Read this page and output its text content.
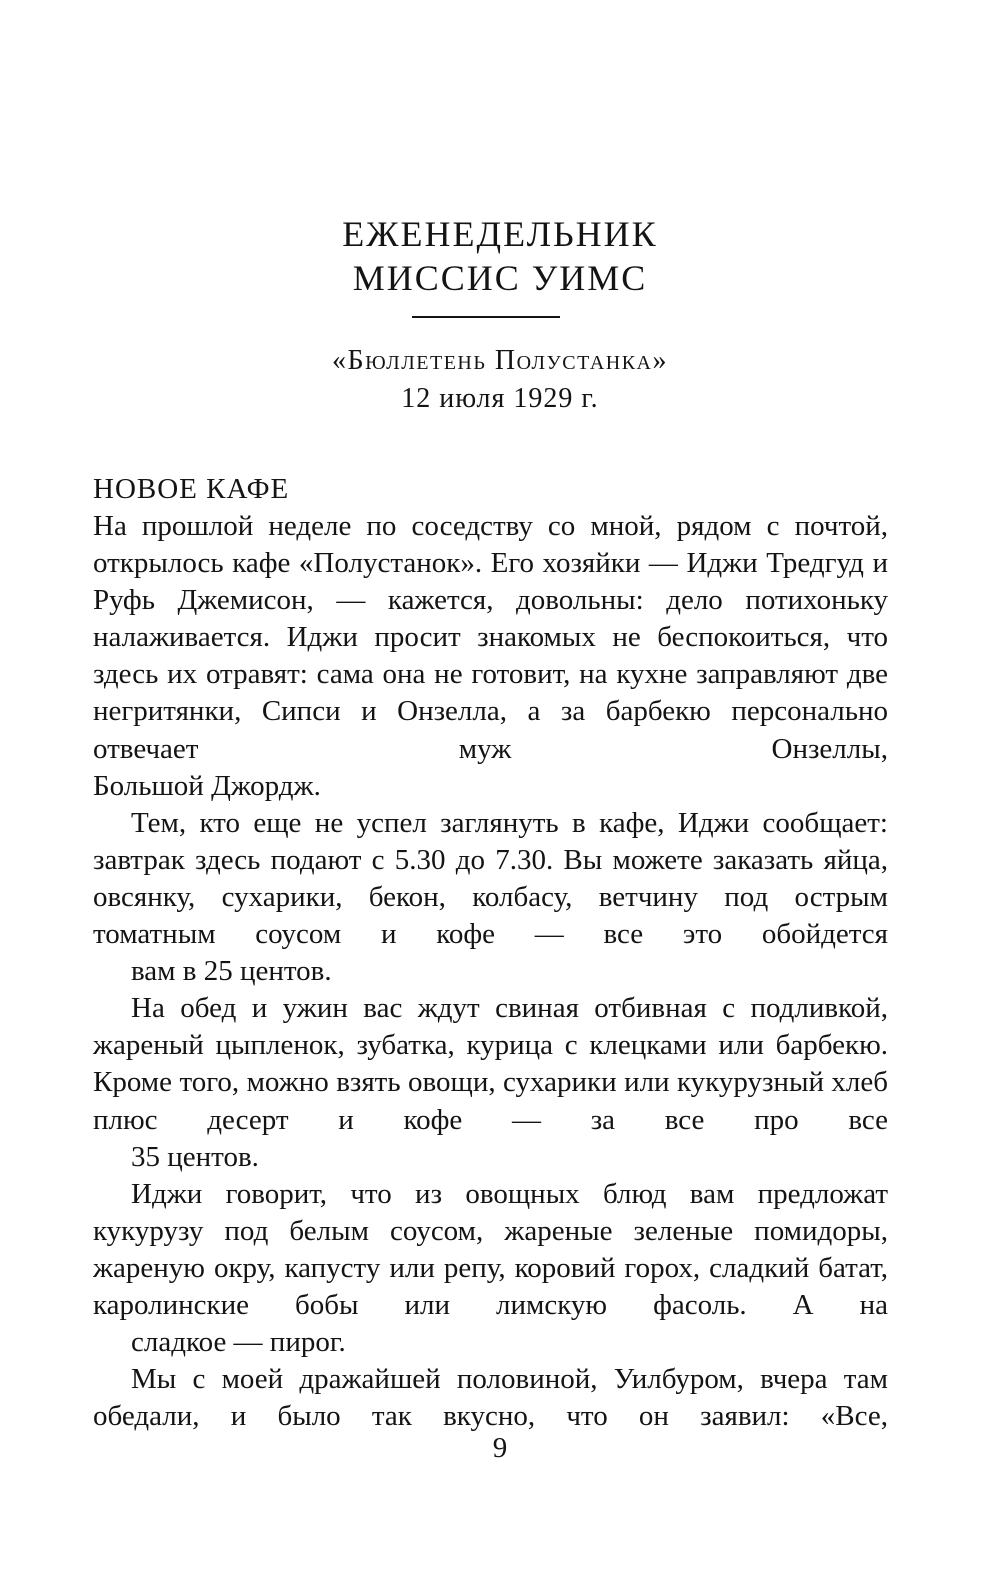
ЕЖЕНЕДЕЛЬНИК
МИССИС УИМС
«Бюллетень Полустанка»
12 июля 1929 г.
НОВОЕ КАФЕ

На прошлой неделе по соседству со мной, рядом с почтой, открылось кафе «Полустанок». Его хозяйки — Иджи Тредгуд и Руфь Джемисон, — кажется, довольны: дело потихоньку налаживается. Иджи просит знакомых не беспокоиться, что здесь их отравят: сама она не готовит, на кухне заправляют две негритянки, Сипси и Онзелла, а за барбекю персонально отвечает муж Онзеллы,
Большой Джордж.

Тем, кто еще не успел заглянуть в кафе, Иджи сообщает: завтрак здесь подают с 5.30 до 7.30. Вы можете заказать яйца, овсянку, сухарики, бекон, колбасу, ветчину под острым томатным соусом и кофе — все это обойдется
вам в 25 центов.

На обед и ужин вас ждут свиная отбивная с подливкой, жареный цыпленок, зубатка, курица с клецками или барбекю. Кроме того, можно взять овощи, сухарики или кукурузный хлеб плюс десерт и кофе — за все про все
35 центов.

Иджи говорит, что из овощных блюд вам предложат кукурузу под белым соусом, жареные зеленые помидоры, жареную окру, капусту или репу, коровий горох, сладкий батат, каролинские бобы или лимскую фасоль. А на
сладкое — пирог.

Мы с моей дражайшей половиной, Уилбуром, вчера там обедали, и было так вкусно, что он заявил: «Все,

9
